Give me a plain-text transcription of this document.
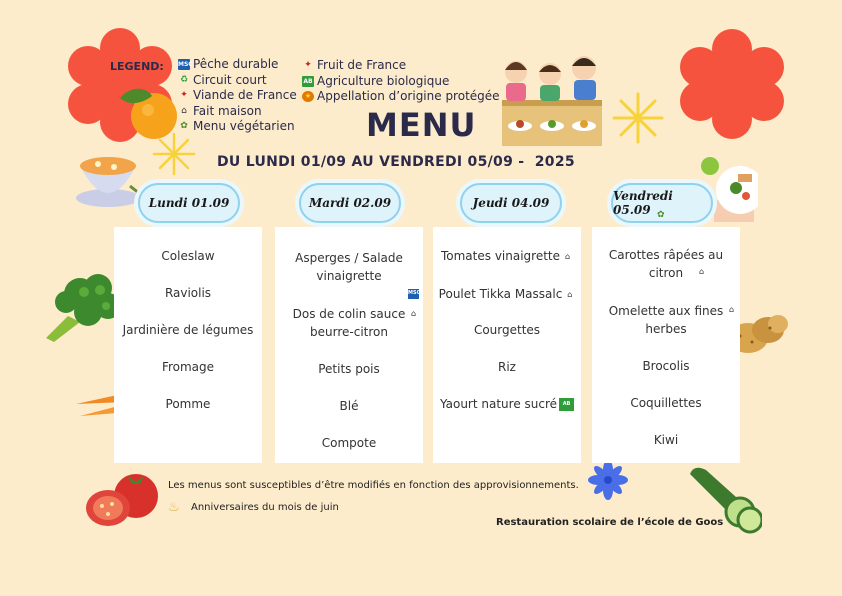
LEGEND: MSC Pêche durable
♻ Circuit court
✦ Viande de France
⌂ Fait maison
✿ Menu végétarien
✦ Fruit de France
AB Agriculture biologique
★ Appellation d’origine protégée
MENU
DU LUNDI 01/09 AU VENDREDI 05/09 -  2025
Coleslaw
Raviolis
Jardinière de légumes
Fromage
Pomme
Lundi 01.09
Asperges / Salade vinaigrette
Dos de colin sauce beurre-citron
Petits pois
Blé
Compote
MSC
⌂
Mardi 02.09
Tomates vinaigrette ⌂
Poulet Tikka Massalc ⌂
Courgettes
Riz
Yaourt nature sucré AB
Jeudi 04.09
Carottes râpées au citron
Omelette aux fines herbes
Brocolis
Coquillettes
Kiwi
⌂
⌂
Vendredi 05.09 ✿
Les menus sont susceptibles d’être modifiés en fonction des approvisionnements.
♨ Anniversaires du mois de juin
Restauration scolaire de l’école de Goos
